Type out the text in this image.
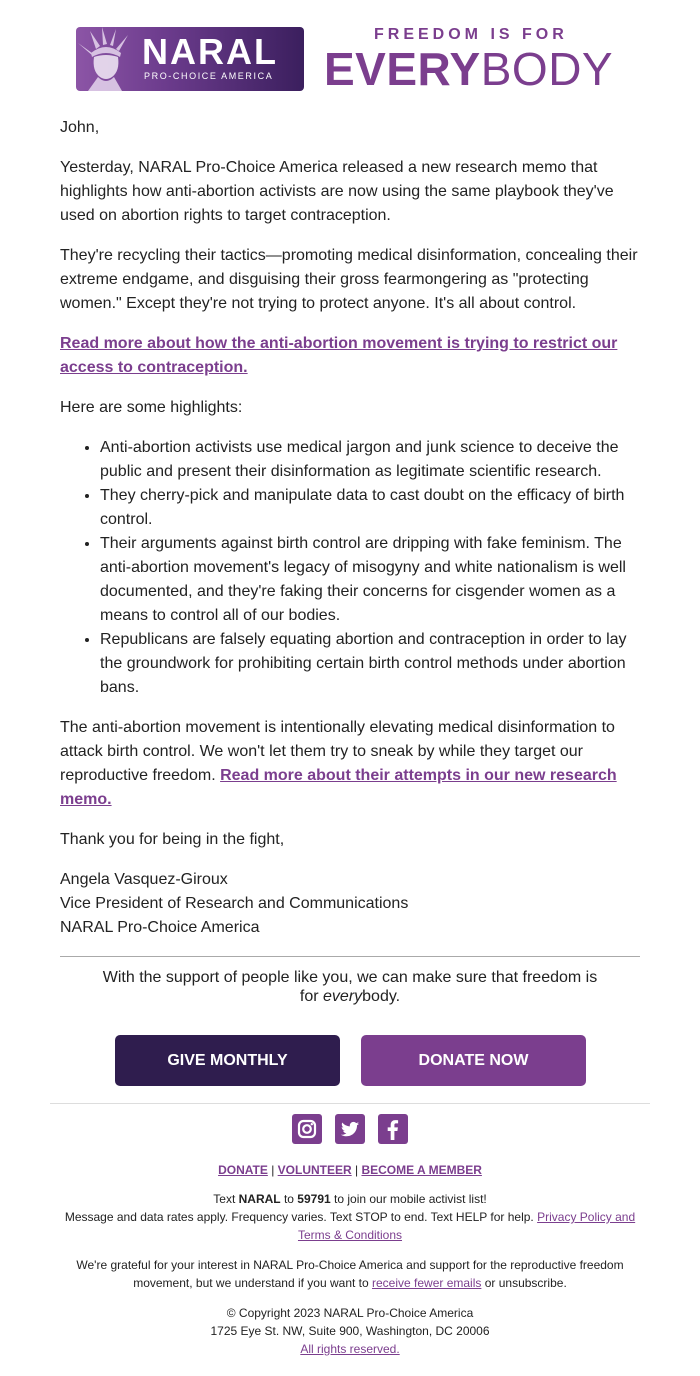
NARAL
PRO-CHOICE AMERICA
FREEDOM IS FOR
EVERYBODY

John,

Yesterday, NARAL Pro-Choice America released a new research memo that highlights how anti-abortion activists are now using the same playbook they've used on abortion rights to target contraception.

They're recycling their tactics—promoting medical disinformation, concealing their extreme endgame, and disguising their gross fearmongering as "protecting women." Except they're not trying to protect anyone. It's all about control.

Read more about how the anti-abortion movement is trying to restrict our access to contraception.

Here are some highlights:

• Anti-abortion activists use medical jargon and junk science to deceive the public and present their disinformation as legitimate scientific research.
• They cherry-pick and manipulate data to cast doubt on the efficacy of birth control.
• Their arguments against birth control are dripping with fake feminism. The anti-abortion movement's legacy of misogyny and white nationalism is well documented, and they're faking their concerns for cisgender women as a means to control all of our bodies.
• Republicans are falsely equating abortion and contraception in order to lay the groundwork for prohibiting certain birth control methods under abortion bans.

The anti-abortion movement is intentionally elevating medical disinformation to attack birth control. We won't let them try to sneak by while they target our reproductive freedom. Read more about their attempts in our new research memo.

Thank you for being in the fight,

Angela Vasquez-Giroux
Vice President of Research and Communications
NARAL Pro-Choice America

With the support of people like you, we can make sure that freedom is for everybody.
GIVE MONTHLY	DONATE NOW
DONATE | VOLUNTEER | BECOME A MEMBER
Text NARAL to 59791 to join our mobile activist list!
Message and data rates apply. Frequency varies. Text STOP to end. Text HELP for help. Privacy Policy and Terms & Conditions
We're grateful for your interest in NARAL Pro-Choice America and support for the reproductive freedom movement, but we understand if you want to receive fewer emails or unsubscribe.
© Copyright 2023 NARAL Pro-Choice America
1725 Eye St. NW, Suite 900, Washington, DC 20006
All rights reserved.
